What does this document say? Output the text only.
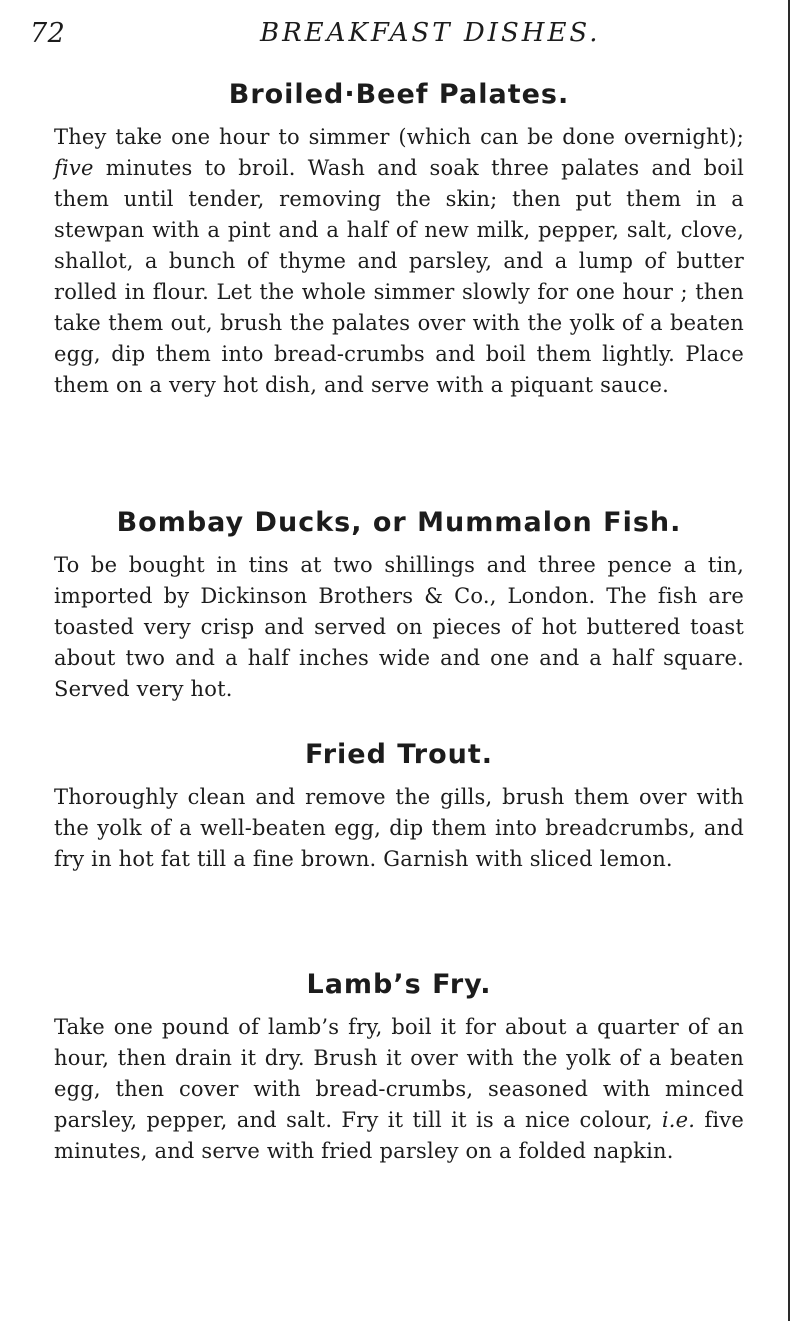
72	BREAKFAST DISHES.
Broiled·Beef Palates.

They take one hour to simmer (which can be done overnight); five minutes to broil. Wash and soak three palates and boil them until tender, removing the skin; then put them in a stewpan with a pint and a half of new milk, pepper, salt, clove, shallot, a bunch of thyme and parsley, and a lump of butter rolled in flour. Let the whole simmer slowly for one hour ; then take them out, brush the palates over with the yolk of a beaten egg, dip them into bread-crumbs and boil them lightly. Place them on a very hot dish, and serve with a piquant sauce.

Bombay Ducks, or Mummalon Fish.

To be bought in tins at two shillings and three pence a tin, imported by Dickinson Brothers & Co., London. The fish are toasted very crisp and served on pieces of hot buttered toast about two and a half inches wide and one and a half square. Served very hot.

Fried Trout.

Thoroughly clean and remove the gills, brush them over with the yolk of a well-beaten egg, dip them into breadcrumbs, and fry in hot fat till a fine brown. Garnish with sliced lemon.

Lamb’s Fry.

Take one pound of lamb’s fry, boil it for about a quarter of an hour, then drain it dry. Brush it over with the yolk of a beaten egg, then cover with bread-crumbs, seasoned with minced parsley, pepper, and salt. Fry it till it is a nice colour, i.e. five minutes, and serve with fried parsley on a folded napkin.
